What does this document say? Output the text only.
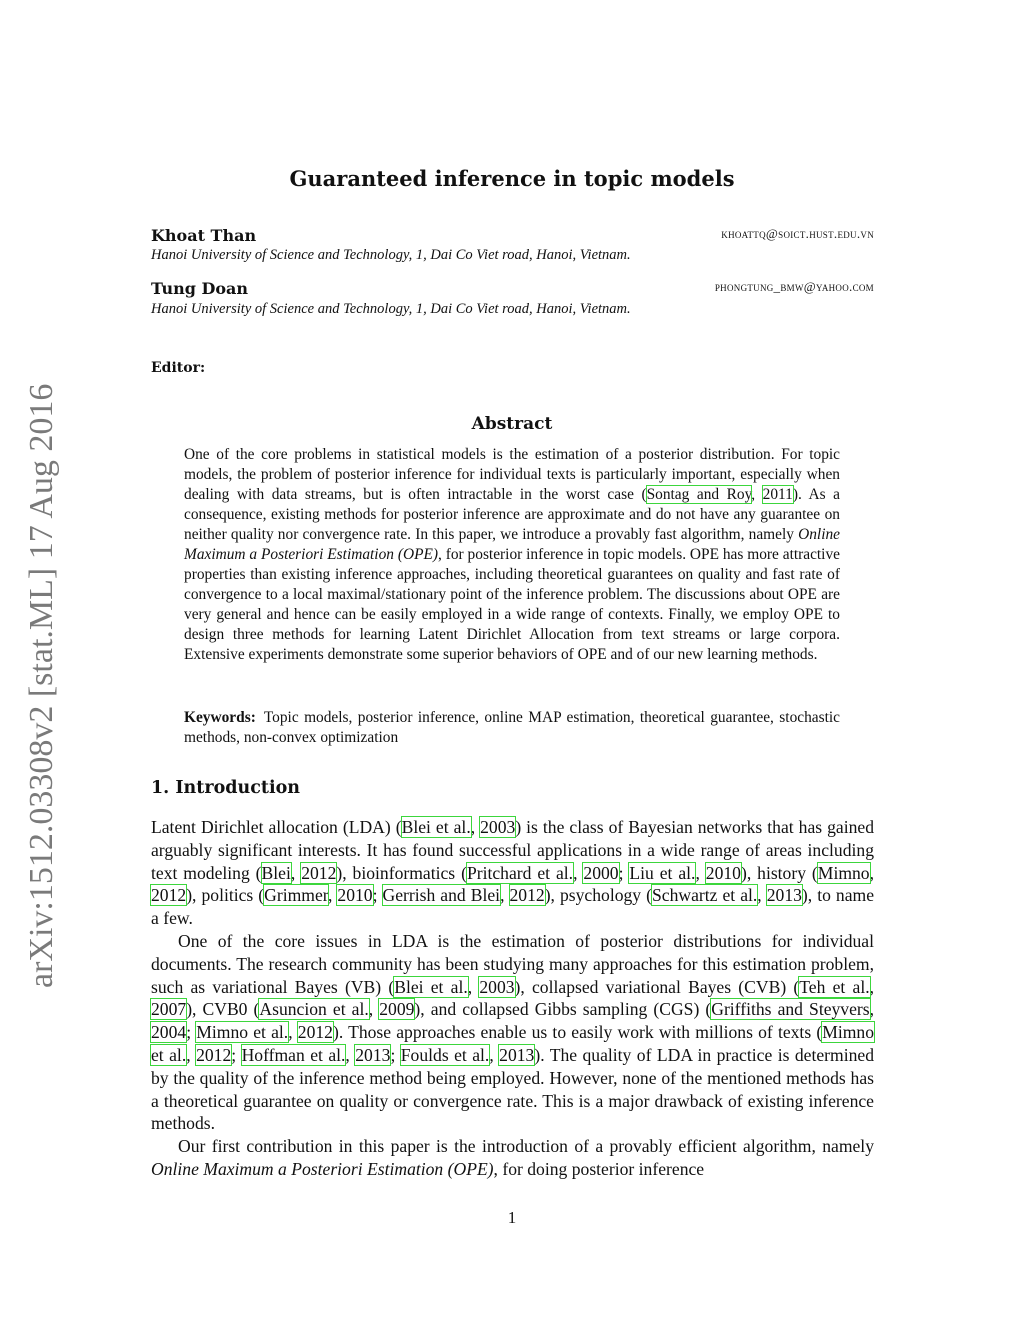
arXiv:1512.03308v2 [stat.ML] 17 Aug 2016
Guaranteed inference in topic models
Khoat Than	khoattq@soict.hust.edu.vn
Hanoi University of Science and Technology, 1, Dai Co Viet road, Hanoi, Vietnam.
Tung Doan	phongtung_bmw@yahoo.com
Hanoi University of Science and Technology, 1, Dai Co Viet road, Hanoi, Vietnam.
Editor:
Abstract
One of the core problems in statistical models is the estimation of a posterior distribution. For topic models, the problem of posterior inference for individual texts is particularly important, especially when dealing with data streams, but is often intractable in the worst case (Sontag and Roy, 2011). As a consequence, existing methods for posterior inference are approximate and do not have any guarantee on neither quality nor convergence rate. In this paper, we introduce a provably fast algorithm, namely Online Maximum a Posteriori Estimation (OPE), for posterior inference in topic models. OPE has more attractive properties than existing inference approaches, including theoretical guarantees on quality and fast rate of convergence to a local maximal/stationary point of the inference problem. The discussions about OPE are very general and hence can be easily employed in a wide range of contexts. Finally, we employ OPE to design three methods for learning Latent Dirichlet Allocation from text streams or large corpora. Extensive experiments demonstrate some superior behaviors of OPE and of our new learning methods.
Keywords: Topic models, posterior inference, online MAP estimation, theoretical guarantee, stochastic methods, non-convex optimization
1. Introduction

Latent Dirichlet allocation (LDA) (Blei et al., 2003) is the class of Bayesian networks that has gained arguably significant interests. It has found successful applications in a wide range of areas including text modeling (Blei, 2012), bioinformatics (Pritchard et al., 2000; Liu et al., 2010), history (Mimno, 2012), politics (Grimmer, 2010; Gerrish and Blei, 2012), psychology (Schwartz et al., 2013), to name a few.

One of the core issues in LDA is the estimation of posterior distributions for individual documents. The research community has been studying many approaches for this estimation problem, such as variational Bayes (VB) (Blei et al., 2003), collapsed variational Bayes (CVB) (Teh et al., 2007), CVB0 (Asuncion et al., 2009), and collapsed Gibbs sampling (CGS) (Griffiths and Steyvers, 2004; Mimno et al., 2012). Those approaches enable us to easily work with millions of texts (Mimno et al., 2012; Hoffman et al., 2013; Foulds et al., 2013). The quality of LDA in practice is determined by the quality of the inference method being employed. However, none of the mentioned methods has a theoretical guarantee on quality or convergence rate. This is a major drawback of existing inference methods.

Our first contribution in this paper is the introduction of a provably efficient algorithm, namely Online Maximum a Posteriori Estimation (OPE), for doing posterior inference

1
